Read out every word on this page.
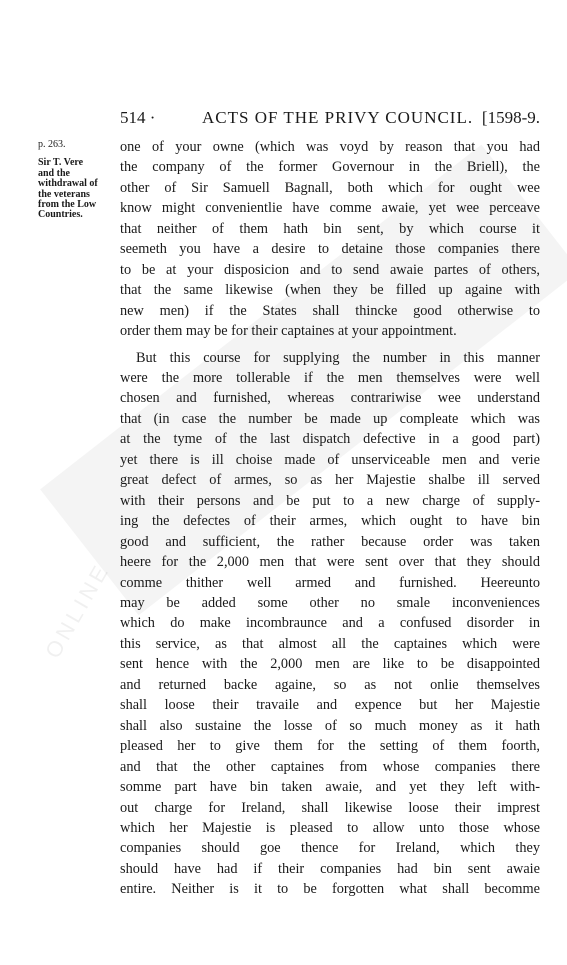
ONLINE
514 ·	ACTS OF THE PRIVY COUNCIL. [1598-9.
p. 263.
Sir T. Vere
and the
withdrawal of
the veterans
from the Low
Countries.
one of your owne (which was voyd by reason that you had
the company of the former Governour in the Briell), the
other of Sir Samuell Bagnall, both which for ought wee
know might convenientlie have comme awaie, yet wee perceave
that neither of them hath bin sent, by which course it
seemeth you have a desire to detaine those companies there
to be at your disposicion and to send awaie partes of others,
that the same likewise (when they be filled up againe with
new men) if the States shall thincke good otherwise to
order them may be for their captaines at your appointment.
But this course for supplying the number in this manner
were the more tollerable if the men themselves were well
chosen and furnished, whereas contrariwise wee understand
that (in case the number be made up compleate which was
at the tyme of the last dispatch defective in a good part)
yet there is ill choise made of unserviceable men and verie
great defect of armes, so as her Majestie shalbe ill served
with their persons and be put to a new charge of supply-
ing the defectes of their armes, which ought to have bin
good and sufficient, the rather because order was taken
heere for the 2,000 men that were sent over that they should
comme thither well armed and furnished. Heereunto
may be added some other no smale inconveniences
which do make incombraunce and a confused disorder in
this service, as that almost all the captaines which were
sent hence with the 2,000 men are like to be disappointed
and returned backe againe, so as not onlie themselves
shall loose their travaile and expence but her Majestie
shall also sustaine the losse of so much money as it hath
pleased her to give them for the setting of them foorth,
and that the other captaines from whose companies there
somme part have bin taken awaie, and yet they left with-
out charge for Ireland, shall likewise loose their imprest
which her Majestie is pleased to allow unto those whose
companies should goe thence for Ireland, which they
should have had if their companies had bin sent awaie
entire. Neither is it to be forgotten what shall becomme
